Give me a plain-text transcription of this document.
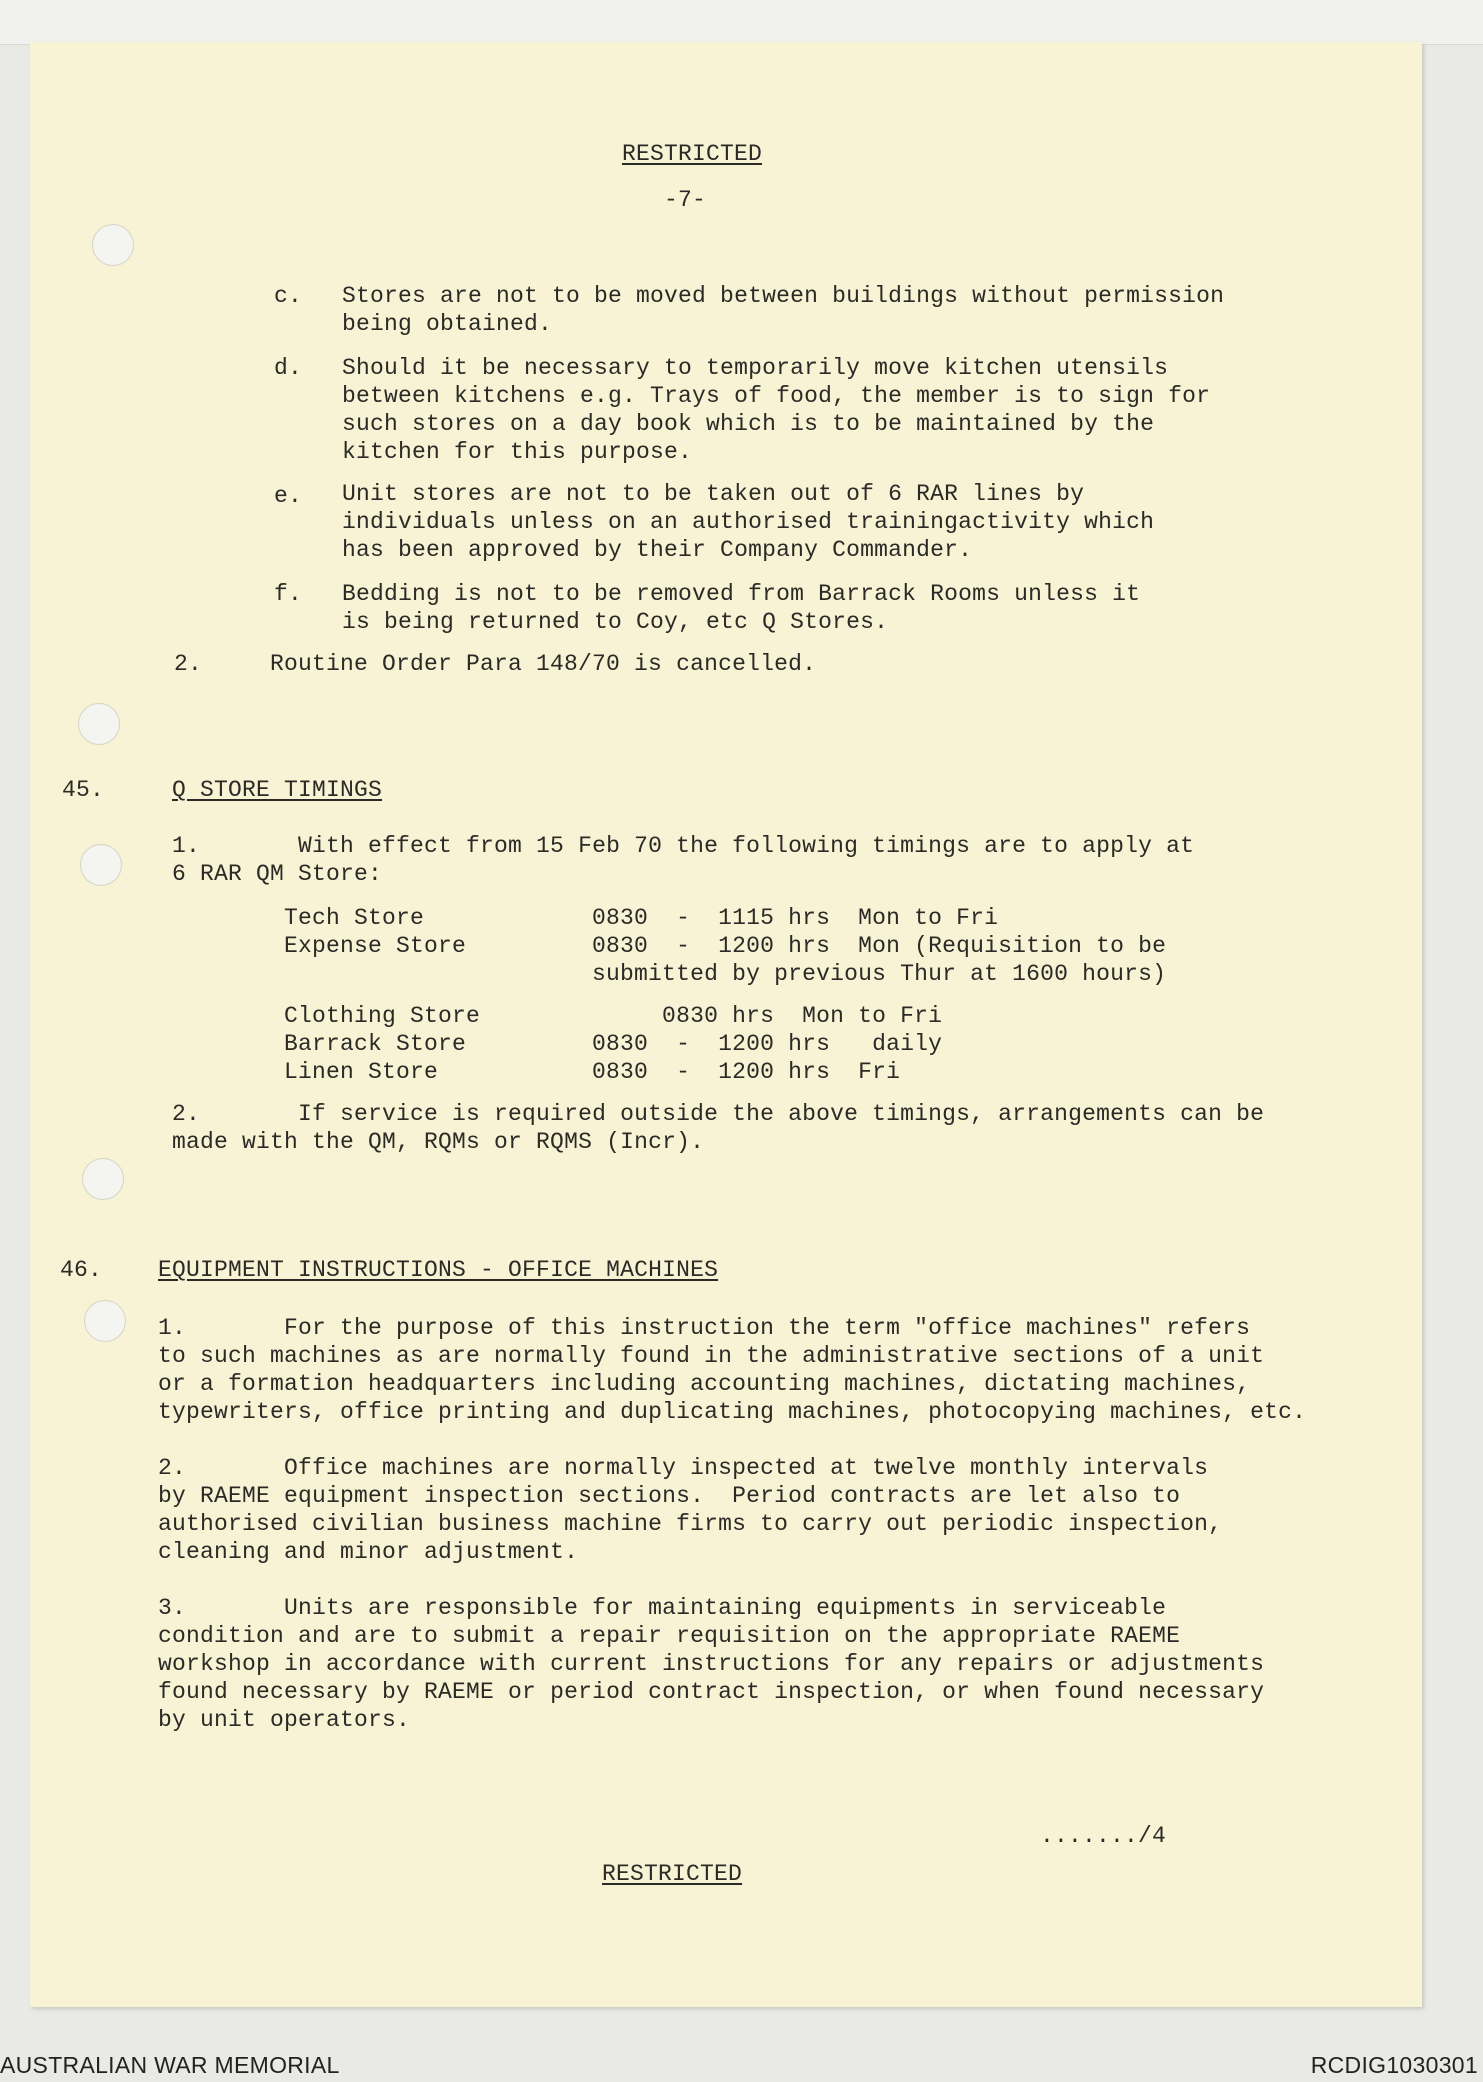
RESTRICTED
-7-
c. Stores are not to be moved between buildings without permission
being obtained.
d. Should it be necessary to temporarily move kitchen utensils
between kitchens e.g. Trays of food, the member is to sign for
such stores on a day book which is to be maintained by the
kitchen for this purpose.
e. Unit stores are not to be taken out of 6 RAR lines by
individuals unless on an authorised trainingactivity which
has been approved by their Company Commander.
f. Bedding is not to be removed from Barrack Rooms unless it
is being returned to Coy, etc Q Stores.
2.	Routine Order Para 148/70 is cancelled.
45.	Q STORE TIMINGS
1.       With effect from 15 Feb 70 the following timings are to apply at
6 RAR QM Store:
Tech Store            0830  -  1115 hrs  Mon to Fri
Expense Store         0830  -  1200 hrs  Mon (Requisition to be
submitted by previous Thur at 1600 hours)
Clothing Store             0830 hrs  Mon to Fri
Barrack Store         0830  -  1200 hrs   daily
Linen Store           0830  -  1200 hrs  Fri
2.       If service is required outside the above timings, arrangements can be
made with the QM, RQMs or RQMS (Incr).
46. EQUIPMENT INSTRUCTIONS - OFFICE MACHINES
1.       For the purpose of this instruction the term "office machines" refers
to such machines as are normally found in the administrative sections of a unit
or a formation headquarters including accounting machines, dictating machines,
typewriters, office printing and duplicating machines, photocopying machines, etc.
2.       Office machines are normally inspected at twelve monthly intervals
by RAEME equipment inspection sections.  Period contracts are let also to
authorised civilian business machine firms to carry out periodic inspection,
cleaning and minor adjustment.
3.       Units are responsible for maintaining equipments in serviceable
condition and are to submit a repair requisition on the appropriate RAEME
workshop in accordance with current instructions for any repairs or adjustments
found necessary by RAEME or period contract inspection, or when found necessary
by unit operators.
......./4
RESTRICTED
AUSTRALIAN WAR MEMORIAL	RCDIG1030301
